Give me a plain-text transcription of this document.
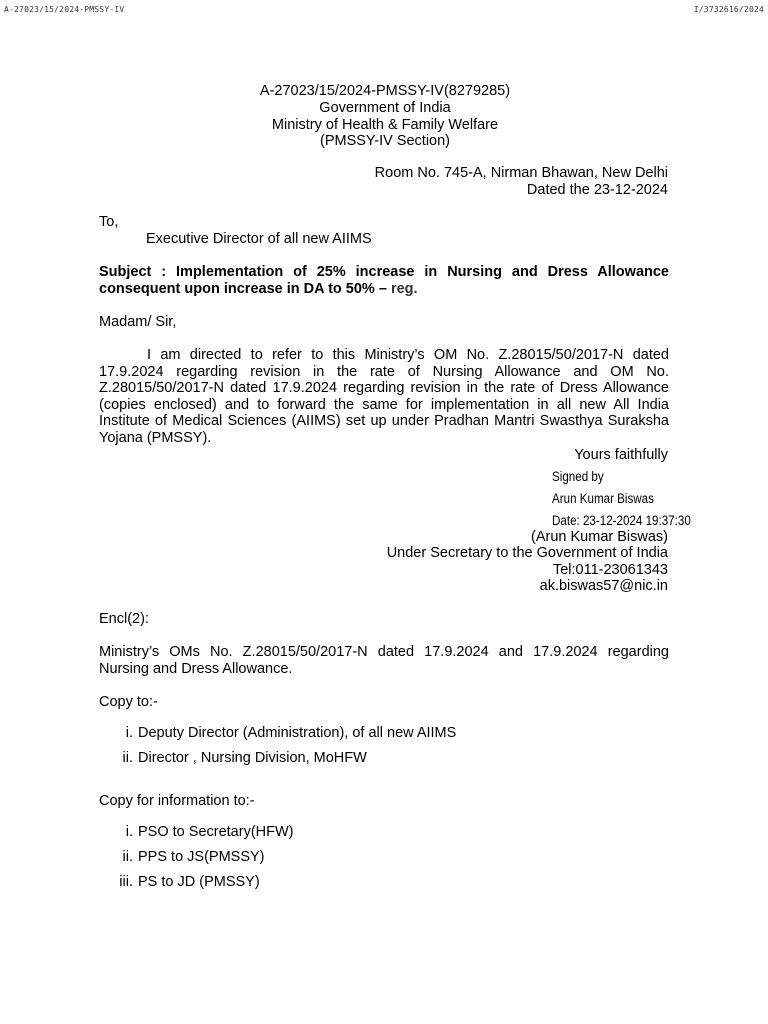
A-27023/15/2024-PMSSY-IV	I/3732616/2024
A-27023/15/2024-PMSSY-IV(8279285)
Government of India
Ministry of Health & Family Welfare
(PMSSY-IV Section)
Room No. 745-A, Nirman Bhawan, New Delhi
Dated the 23-12-2024
To,
Executive Director of all new AIIMS
Subject : Implementation of 25% increase in Nursing and Dress Allowance consequent upon increase in DA to 50% – reg.
Madam/ Sir,
I am directed to refer to this Ministry’s OM No. Z.28015/50/2017-N dated 17.9.2024 regarding revision in the rate of Nursing Allowance and OM No. Z.28015/50/2017-N dated 17.9.2024 regarding revision in the rate of Dress Allowance (copies enclosed) and to forward the same for implementation in all new All India Institute of Medical Sciences (AIIMS) set up under Pradhan Mantri Swasthya Suraksha Yojana (PMSSY).
Yours faithfully
Signed by
Arun Kumar Biswas
Date: 23-12-2024 19:37:30
(Arun Kumar Biswas)
Under Secretary to the Government of India
Tel:011-23061343
ak.biswas57@nic.in
Encl(2):
Ministry’s OMs No. Z.28015/50/2017-N dated 17.9.2024 and 17.9.2024 regarding Nursing and Dress Allowance.
Copy to:-
i. Deputy Director (Administration), of all new AIIMS
ii. Director , Nursing Division, MoHFW
Copy for information to:-
i. PSO to Secretary(HFW)
ii. PPS to JS(PMSSY)
iii. PS to JD (PMSSY)
